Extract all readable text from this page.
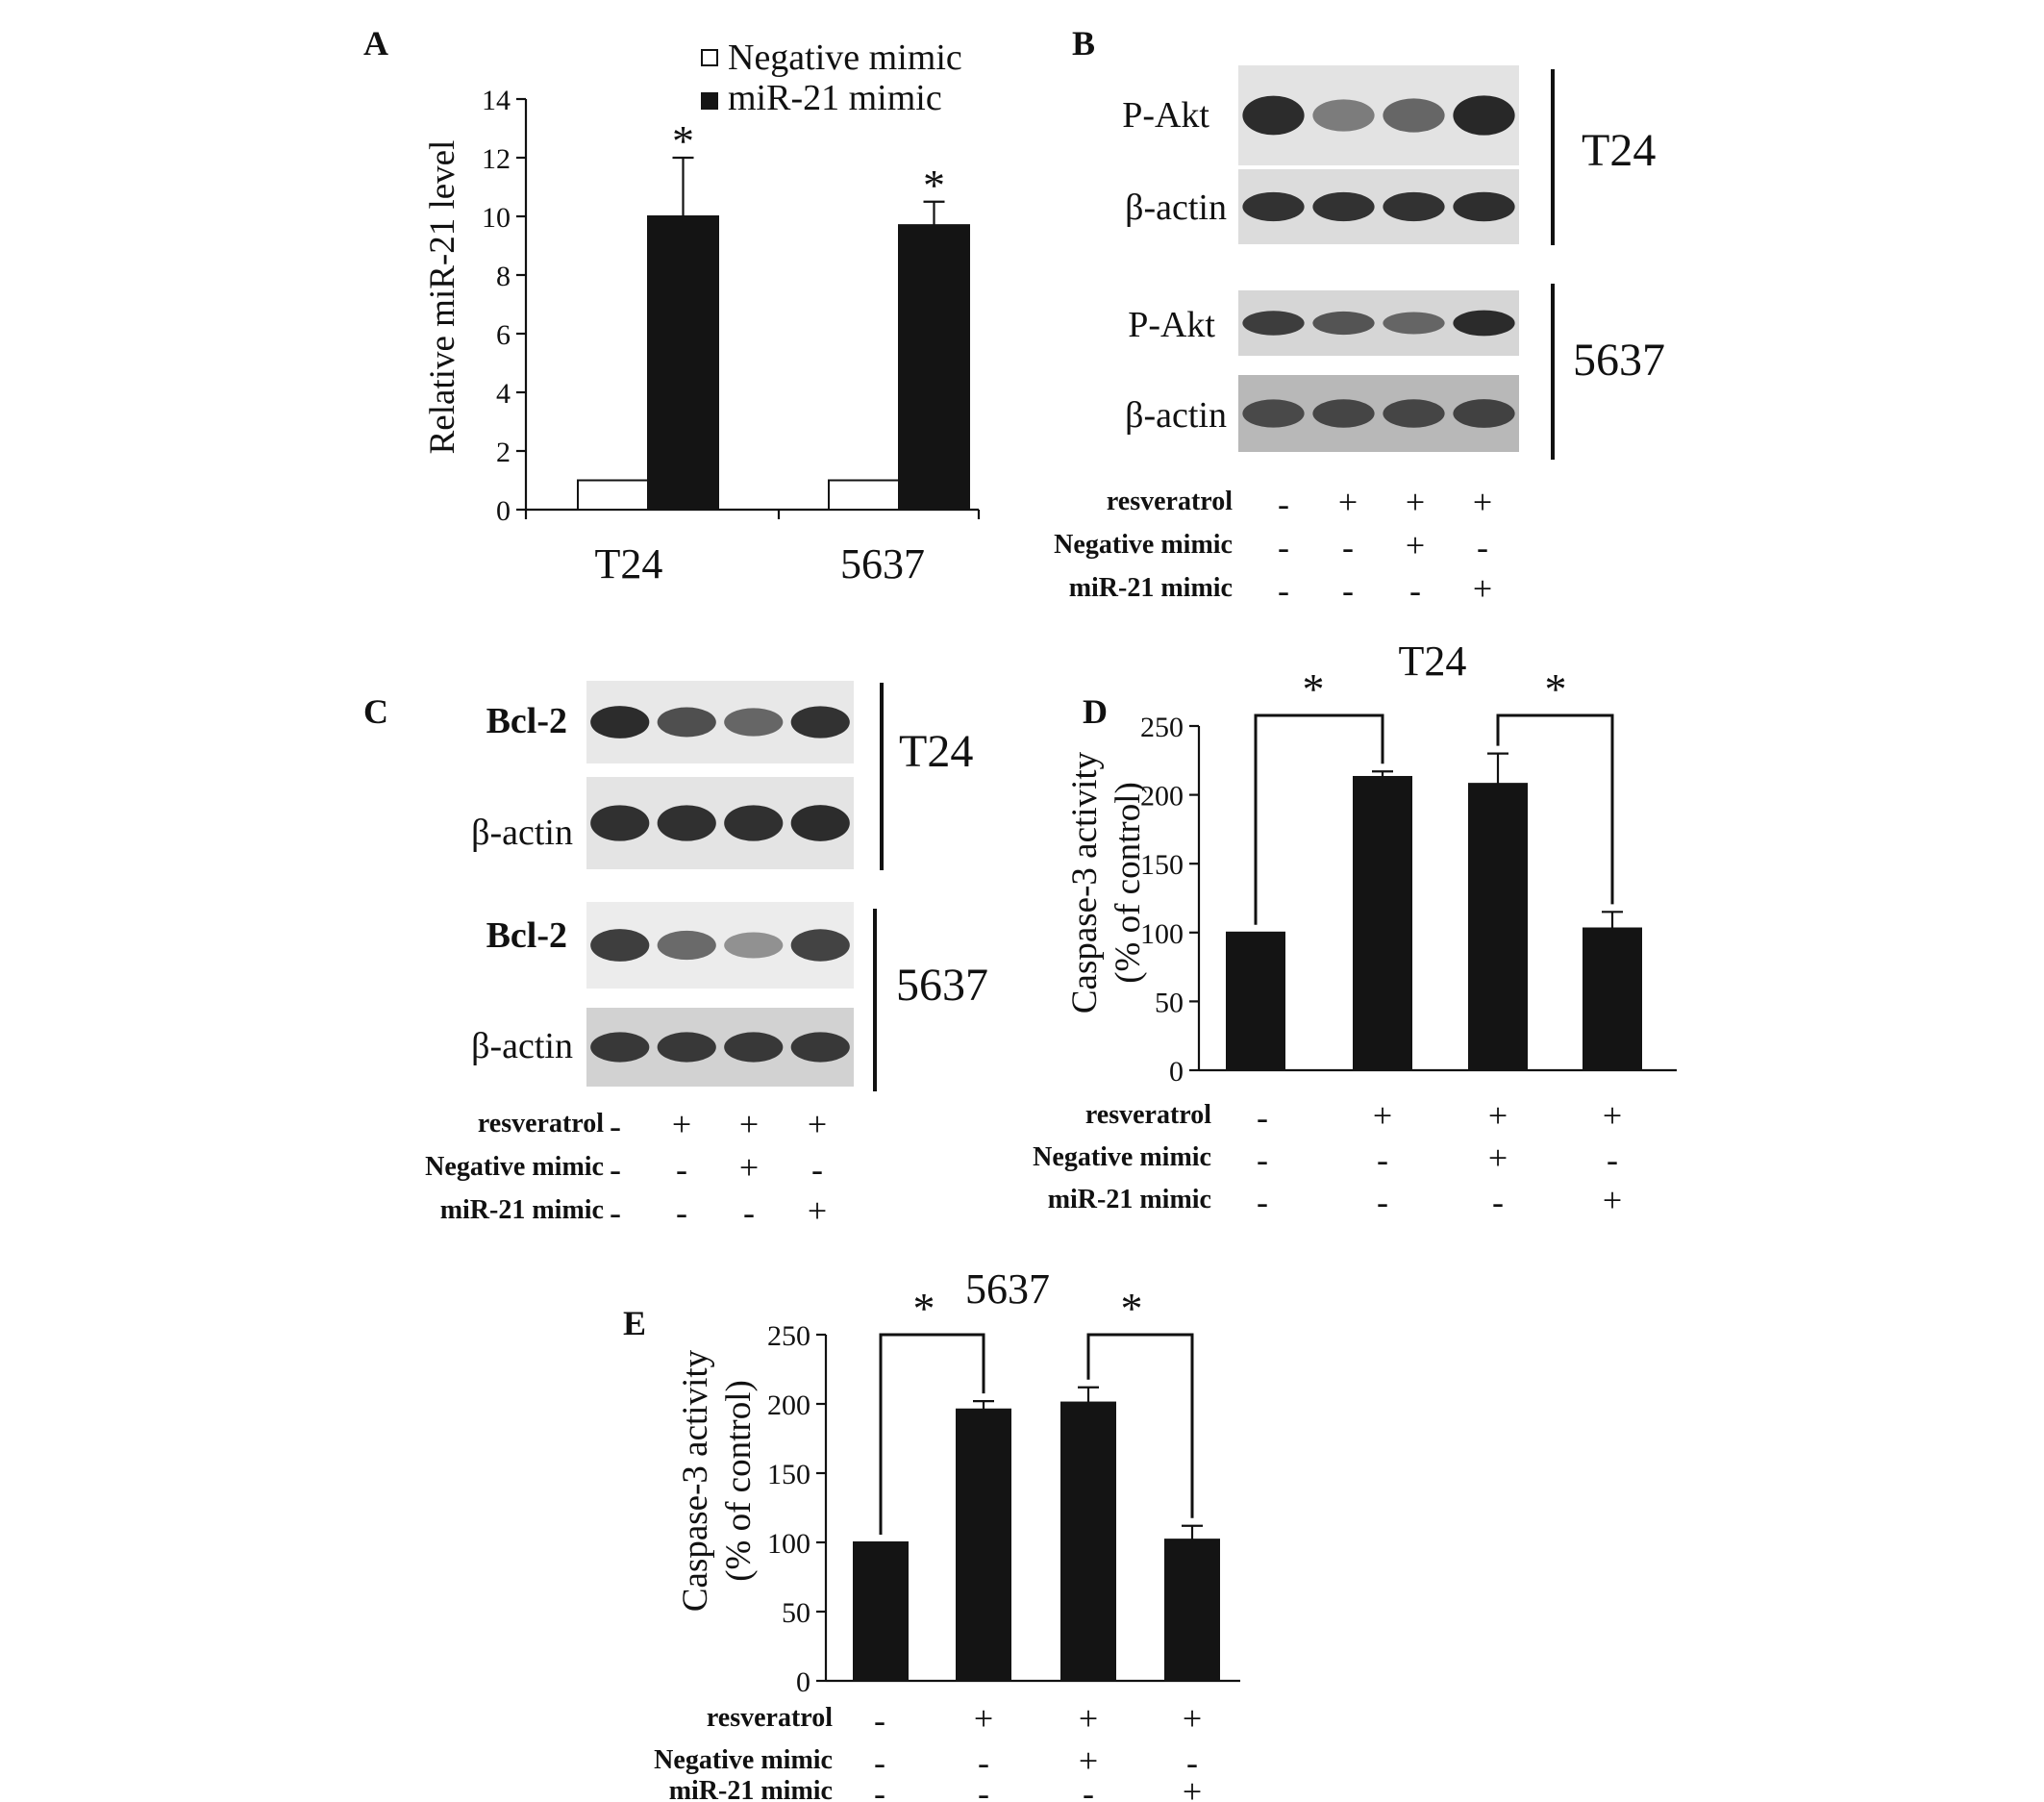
A	Negative mimic
miR-21 mimic
Relative miR-21 level
0
2
4
6
8
10
12
14
*
*
T24	5637
B
P-Akt
β-actin
P-Akt
β-actin
T24
5637
resveratrol - + + +
Negative mimic - - + -
miR-21 mimic - - - +
C	Bcl-2
β-actin
Bcl-2
β-actin
T24
5637
resveratrol - + + +
Negative mimic - - + -
miR-21 mimic - - - +
D
T24
Caspase-3 activity (% of control)
0
50
100
150
200
250
*	*
resveratrol -	+	+	+
Negative mimic -	-	+	-
miR-21 mimic -	-	-	+
E
5637
Caspase-3 activity (% of control)
0
50
100
150
200
250
*	*
resveratrol -	+ + +
Negative mimic -	-	+	-
miR-21 mimic -	-	-	+
